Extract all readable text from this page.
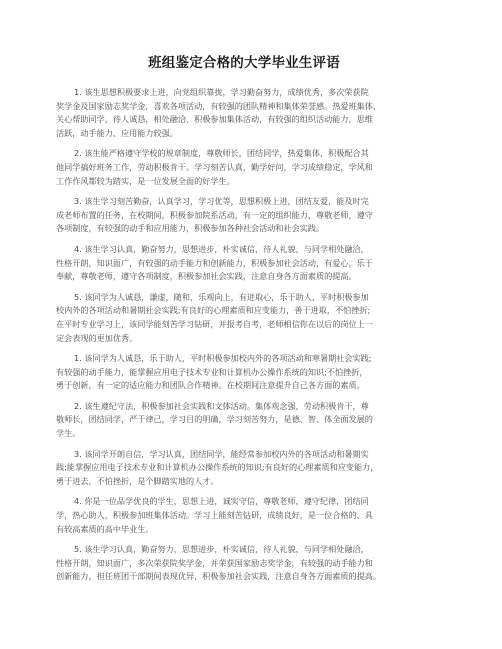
班组鉴定合格的大学毕业生评语
1. 该生思想积极要求上进，向党组织靠拢，学习勤奋努力，成绩优秀，多次荣获院
奖学金及国家励志奖学金，喜欢各项活动，有较强的团队精神和集体荣誉感。热爱班集体，
关心帮助同学，待人诚恳，相处融洽，积极参加集体活动，有较强的组织活动能力，思维
活跃，动手能力、应用能力较强。
2. 该生能严格遵守学校的规章制度，尊敬师长，团结同学，热爱集体，积极配合其
他同学搞好班务工作，劳动积极肯干。学习刻苦认真，勤学好问，学习成绩稳定，学风和
工作作风都较为踏实，是一位发展全面的好学生。
3. 该生学习刻苦勤奋，认真学习，学习优等，思想积极上进，团结友爱，能及时完
成老师布置的任务，在校期间，积极参加院系活动，有一定的组织能力，尊敬老师，遵守
各项制度，有较强的动手和应用能力，积极参加各种社会活动和社会实践。
4. 该生学习认真，勤奋努力，思想进步，朴实诚信，待人礼貌，与同学相处融洽，
性格开朗，知识面广，有较强的动手能力和创新能力，积极参加社会活动，有爱心，乐于
奉献，尊敬老师，遵守各项制度，积极参加社会实践，注意自身各方面素质的提高。
5. 该同学为人诚恳，谦虚，随和，乐观向上，有进取心，乐于助人，平时积极参加
校内外的各项活动和暑期社会实践;有良好的心理素质和应变能力，善于进取，不怕挫折;
在平时专业学习上，该同学能刻苦学习钻研，并报考自考，老师相信你在以后的岗位上一
定会表现的更加优秀。
1. 该同学为人诚恳，乐于助人，平时积极参加校内外的各项活动和寒暑期社会实践;
有较强的动手能力，能掌握应用电子技术专业和计算机办公操作系统的知识;不怕挫折，
勇于创新，有一定的适应能力和团队合作精神。在校期间注意提升自己各方面的素质。
2. 该生遵纪守法，积极参加社会实践和文体活动。集体观念强，劳动积极肯干，尊
敬师长，团结同学，严于律己，学习目的明确，学习刻苦努力，是德、智、体全面发展的
学生。
3. 该同学开朗自信，学习认真，团结同学，能经常参加校内外的各项活动和暑期实
践;能掌握应用电子技术专业和计算机办公操作系统的知识;有良好的心理素质和应变能力，
勇于进去，不怕挫折，是个脚踏实地的人才。
4. 你是一位品学优良的学生，思想上进，诚实守信，尊敬老师，遵守纪律，团结同
学，热心助人，积极参加班集体活动。学习上能刻苦钻研，成绩良好，是一位合格的、具
有较高素质的高中毕业生。
5. 该生学习认真，勤奋努力，思想进步，朴实诚信，待人礼貌，与同学相处融洽，
性格开朗，知识面广，多次荣获院奖学金，并荣获国家励志奖学金，有较强的动手能力和
创新能力，担任班团干部期间表现优异，积极参加社会实践，注意自身各方面素质的提高。
